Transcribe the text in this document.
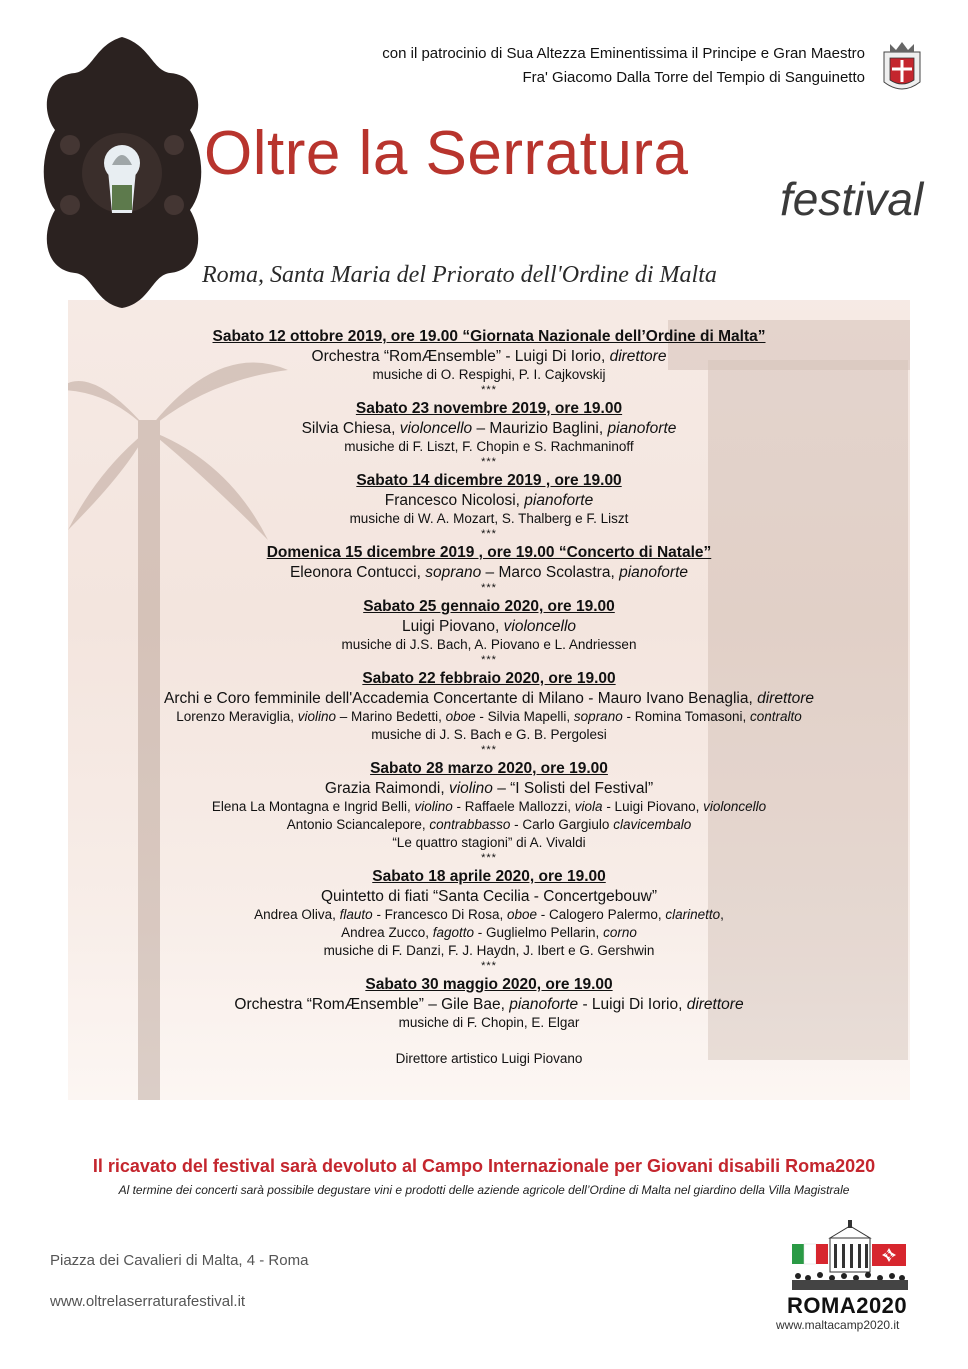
con il patrocinio di Sua Altezza Eminentissima il Principe e Gran Maestro
Fra' Giacomo Dalla Torre del Tempio di Sanguinetto
Oltre la Serratura
festival
Roma, Santa Maria del Priorato dell'Ordine di Malta
Sabato 12 ottobre 2019, ore 19.00 “Giornata Nazionale dell’Ordine di Malta”
Orchestra “RomÆnsemble” - Luigi Di Iorio, direttore
musiche di O. Respighi, P. I. Cajkovskij
***
Sabato 23 novembre 2019, ore 19.00
Silvia Chiesa, violoncello – Maurizio Baglini, pianoforte
musiche di F. Liszt, F. Chopin e S. Rachmaninoff
***
Sabato 14 dicembre 2019 , ore 19.00
Francesco Nicolosi, pianoforte
musiche di W. A. Mozart, S. Thalberg e F. Liszt
***
Domenica 15 dicembre 2019 , ore 19.00 “Concerto di Natale”
Eleonora Contucci, soprano – Marco Scolastra, pianoforte
***
Sabato 25 gennaio 2020, ore 19.00
Luigi Piovano, violoncello
musiche di J.S. Bach, A. Piovano e L. Andriessen
***
Sabato 22 febbraio 2020, ore 19.00
Archi e Coro femminile dell'Accademia Concertante di Milano - Mauro Ivano Benaglia, direttore
Lorenzo Meraviglia, violino – Marino Bedetti, oboe - Silvia Mapelli, soprano - Romina Tomasoni, contralto
musiche di J. S. Bach e G. B. Pergolesi
***
Sabato 28 marzo 2020, ore 19.00
Grazia Raimondi, violino – “I Solisti del Festival”
Elena La Montagna e Ingrid Belli, violino - Raffaele Mallozzi, viola - Luigi Piovano, violoncello
Antonio Sciancalepore, contrabbasso - Carlo Gargiulo clavicembalo
“Le quattro stagioni” di A. Vivaldi
***
Sabato 18 aprile 2020, ore 19.00
Quintetto di fiati “Santa Cecilia - Concertgebouw”
Andrea Oliva, flauto - Francesco Di Rosa, oboe - Calogero Palermo, clarinetto,
Andrea Zucco, fagotto - Guglielmo Pellarin, corno
musiche di F. Danzi, F. J. Haydn, J. Ibert e G. Gershwin
***
Sabato 30 maggio 2020, ore 19.00
Orchestra “RomÆnsemble” – Gile Bae, pianoforte - Luigi Di Iorio, direttore
musiche di F. Chopin, E. Elgar
Direttore artistico Luigi Piovano
Il ricavato del festival sarà devoluto al Campo Internazionale per Giovani disabili Roma2020
Al termine dei concerti sarà possibile degustare vini e prodotti delle aziende agricole dell’Ordine di Malta nel giardino della Villa Magistrale
Piazza dei Cavalieri di Malta, 4 - Roma
www.oltrelaserraturafestival.it	ROMA2020
www.maltacamp2020.it
